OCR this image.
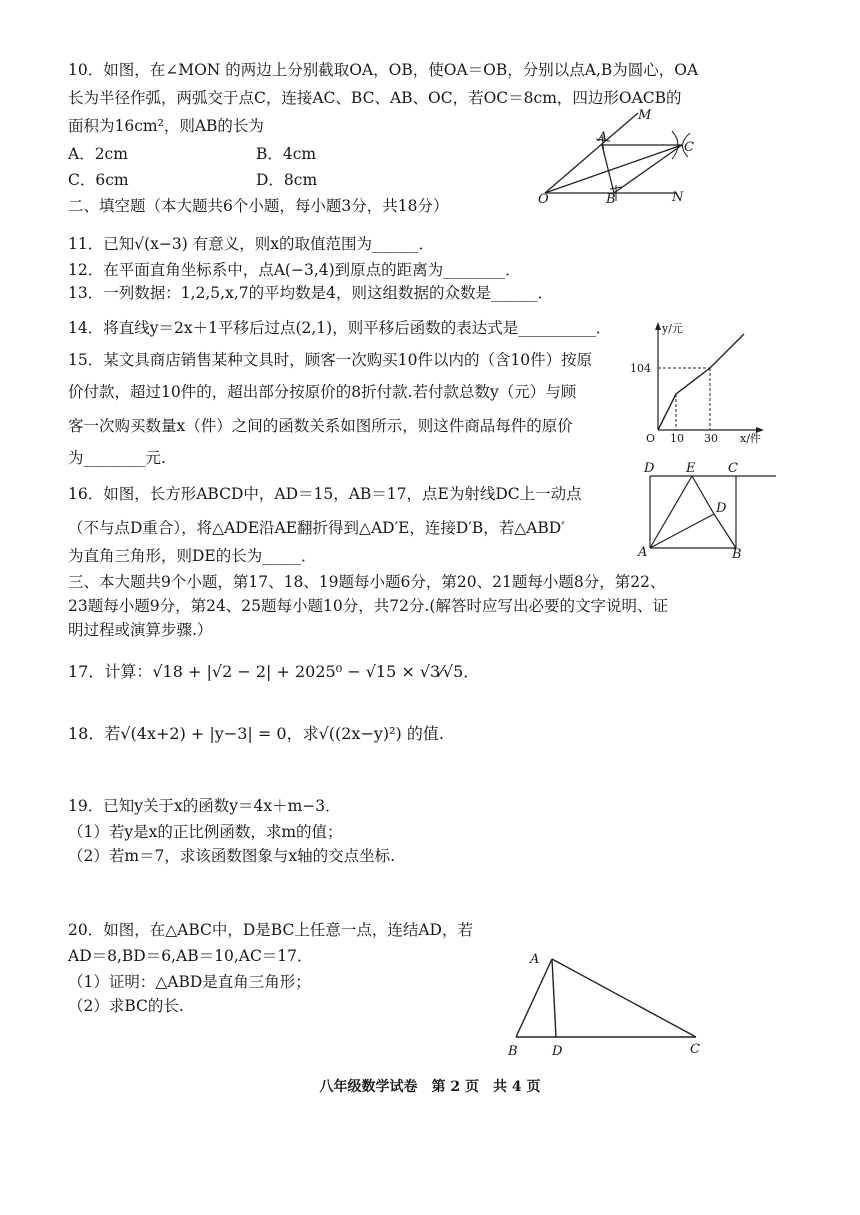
10．如图，在∠MON 的两边上分别截取OA，OB，使OA＝OB，分别以点A,B为圆心，OA
长为半径作弧，两弧交于点C，连接AC、BC、AB、OC，若OC＝8cm，四边形OACB的
面积为16cm²，则AB的长为
A．2cm	B．4cm
C．6cm	D．8cm
M
A
C
O	B	N
二、填空题（本大题共6个小题，每小题3分，共18分）
11．已知√(x−3) 有意义，则x的取值范围为______．
12．在平面直角坐标系中，点A(−3,4)到原点的距离为________．
13．一列数据：1,2,5,x,7的平均数是4，则这组数据的众数是______．
14．将直线y＝2x＋1平移后过点(2,1)，则平移后函数的表达式是__________．
15．某文具商店销售某种文具时，顾客一次购买10件以内的（含10件）按原
价付款，超过10件的，超出部分按原价的8折付款.若付款总数y（元）与顾
客一次购买数量x（件）之间的函数关系如图所示，则这件商品每件的原价
为________元.
y/元
x/件
O
104
10 30
16．如图，长方形ABCD中，AD＝15，AB＝17，点E为射线DC上一动点
（不与点D重合），将△ADE沿AE翻折得到△AD′E，连接D′B，若△ABD′
为直角三角形，则DE的长为_____．
D E	C
D
A	B
三、本大题共9个小题，第17、18、19题每小题6分，第20、21题每小题8分，第22、
23题每小题9分，第24、25题每小题10分，共72分.(解答时应写出必要的文字说明、证
明过程或演算步骤.）
17．计算：√18 + |√2 − 2| + 2025⁰ − √15 × √3⁄√5．
18．若√(4x+2) + |y−3| = 0，求√((2x−y)²) 的值.
19．已知y关于x的函数y＝4x＋m−3．
（1）若y是x的正比例函数，求m的值；
（2）若m＝7，求该函数图象与x轴的交点坐标.
20．如图，在△ABC中，D是BC上任意一点，连结AD，若
AD＝8,BD＝6,AB＝10,AC＝17．
（1）证明：△ABD是直角三角形；
（2）求BC的长.
A
B	D	C
八年级数学试卷　第 2 页　共 4 页
